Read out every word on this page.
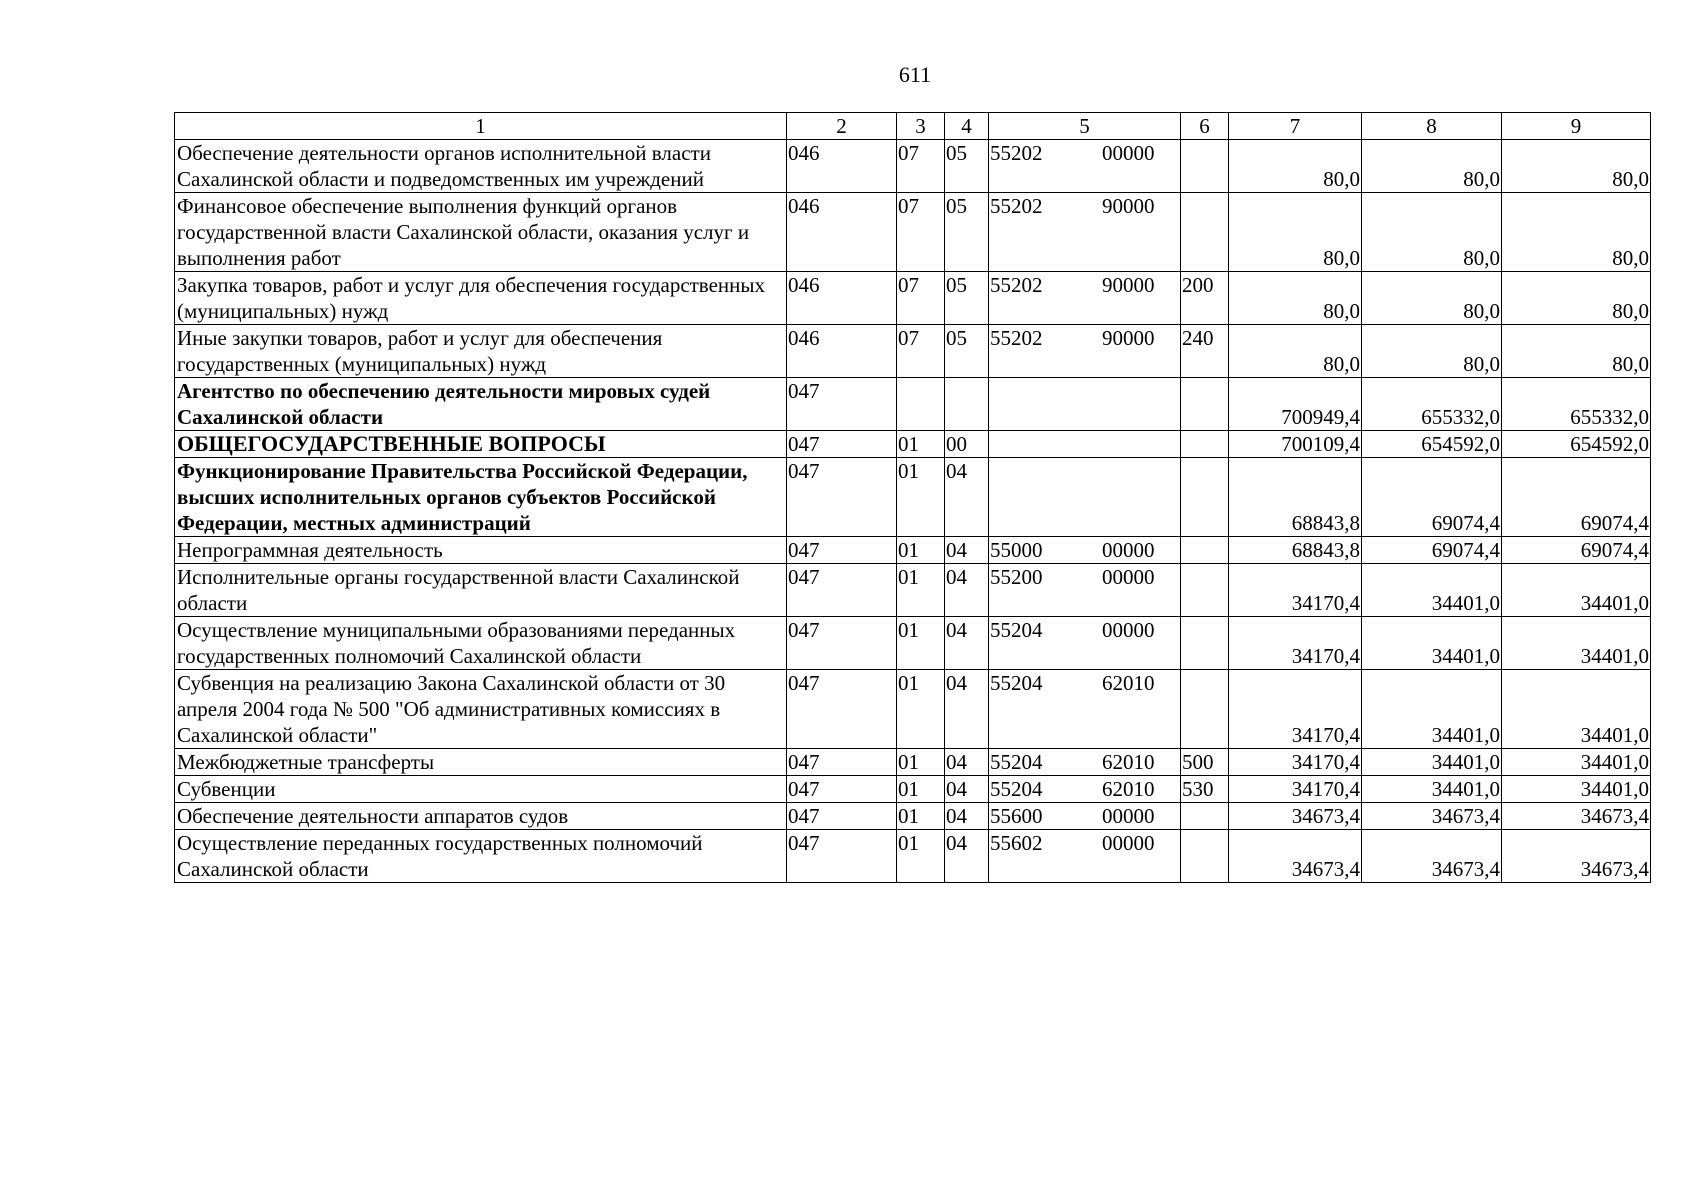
611
1	2	3	4	5		6	7	8	9
Обеспечение деятельности органов исполнительной власти Сахалинской области и подведомственных им учреждений	046	07	05	55202	00000		80,0	80,0	80,0
Финансовое обеспечение выполнения функций органов государственной власти Сахалинской области, оказания услуг и выполнения работ	046	07	05	55202	90000		80,0	80,0	80,0
Закупка товаров, работ и услуг для обеспечения государственных (муниципальных) нужд	046	07	05	55202	90000	200	80,0	80,0	80,0
Иные закупки товаров, работ и услуг для обеспечения государственных (муниципальных) нужд	046	07	05	55202	90000	240	80,0	80,0	80,0
Агентство по обеспечению деятельности мировых судей Сахалинской области	047						700949,4	655332,0	655332,0
ОБЩЕГОСУДАРСТВЕННЫЕ ВОПРОСЫ	047	01	00				700109,4	654592,0	654592,0
Функционирование Правительства Российской Федерации, высших исполнительных органов субъектов Российской Федерации, местных администраций	047	01	04				68843,8	69074,4	69074,4
Непрограммная деятельность	047	01	04	55000	00000		68843,8	69074,4	69074,4
Исполнительные органы государственной власти Сахалинской области	047	01	04	55200	00000		34170,4	34401,0	34401,0
Осуществление муниципальными образованиями переданных государственных полномочий Сахалинской области	047	01	04	55204	00000		34170,4	34401,0	34401,0
Субвенция на реализацию Закона Сахалинской области от 30 апреля 2004 года № 500 "Об административных комиссиях в Сахалинской области"	047	01	04	55204	62010		34170,4	34401,0	34401,0
Межбюджетные трансферты	047	01	04	55204	62010	500	34170,4	34401,0	34401,0
Субвенции	047	01	04	55204	62010	530	34170,4	34401,0	34401,0
Обеспечение деятельности аппаратов судов	047	01	04	55600	00000		34673,4	34673,4	34673,4
Осуществление переданных государственных полномочий Сахалинской области	047	01	04	55602	00000		34673,4	34673,4	34673,4
